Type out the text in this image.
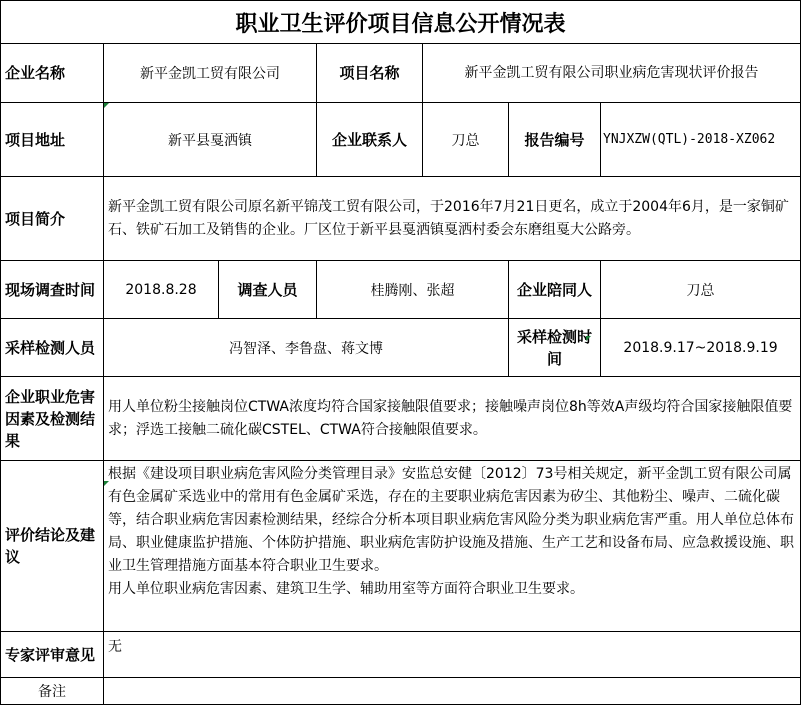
职业卫生评价项目信息公开情况表						
企业名称	新平金凯工贸有限公司		项目名称	新平金凯工贸有限公司职业病危害现状评价报告		
项目地址	新平县戛洒镇		企业联系人	刀总	报告编号	YNJXZW(QTL)-2018-XZ062
项目简介	新平金凯工贸有限公司原名新平锦茂工贸有限公司，于2016年7月21日更名，成立于2004年6月，是一家铜矿石、铁矿石加工及销售的企业。厂区位于新平县戛洒镇戛洒村委会东磨组戛大公路旁。					
现场调查时间	2018.8.28	调查人员	桂腾刚、张超		企业陪同人	刀总
采样检测人员	冯智泽、李鲁盘、蒋文博				采样检测时间	2018.9.17~2018.9.19
企业职业危害因素及检测结果	用人单位粉尘接触岗位CTWA浓度均符合国家接触限值要求；接触噪声岗位8h等效A声级均符合国家接触限值要求；浮选工接触二硫化碳CSTEL、CTWA符合接触限值要求。					
评价结论及建议	根据《建设项目职业病危害风险分类管理目录》安监总安健〔2012〕73号相关规定，新平金凯工贸有限公司属有色金属矿采选业中的常用有色金属矿采选，存在的主要职业病危害因素为矽尘、其他粉尘、噪声、二硫化碳等，结合职业病危害因素检测结果，经综合分析本项目职业病危害风险分类为职业病危害严重。用人单位总体布局、职业健康监护措施、个体防护措施、职业病危害防护设施及措施、生产工艺和设备布局、应急救援设施、职业卫生管理措施方面基本符合职业卫生要求。
用人单位职业病危害因素、建筑卫生学、辅助用室等方面符合职业卫生要求。					

专家评审意见	无					
备注						
